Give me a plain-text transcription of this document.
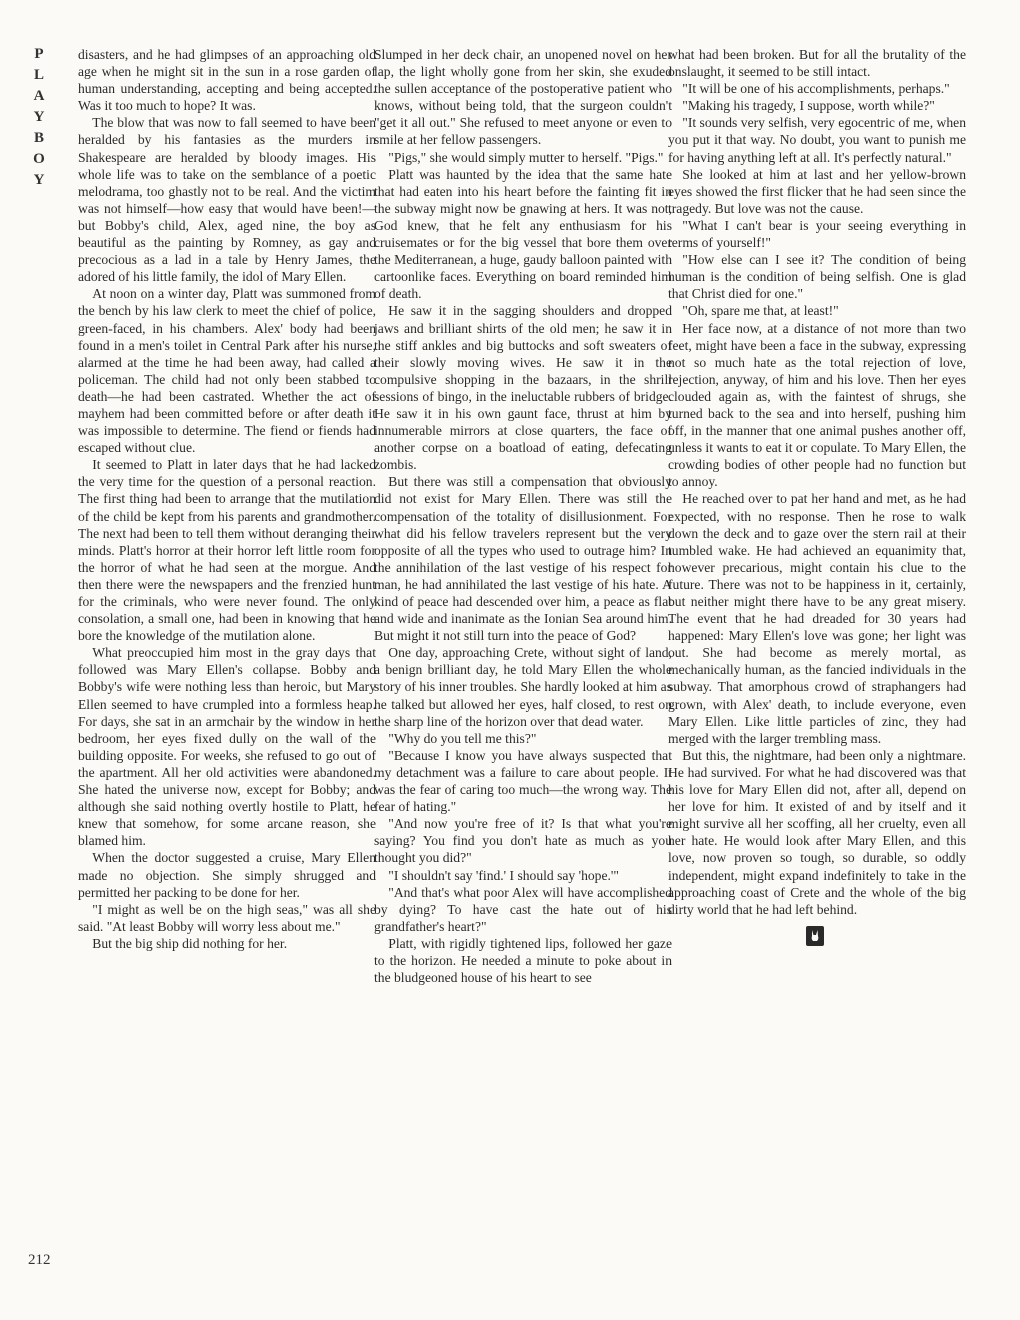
P
L
A
Y
B
O
Y

disasters, and he had glimpses of an approaching old age when he might sit in the sun in a rose garden of human understanding, accepting and being accepted. Was it too much to hope? It was.

The blow that was now to fall seemed to have been heralded by his fantasies as the murders in Shakespeare are heralded by bloody images. His whole life was to take on the semblance of a poetic melodrama, too ghastly not to be real. And the victim was not himself—how easy that would have been!—but Bobby's child, Alex, aged nine, the boy as beautiful as the painting by Romney, as gay and precocious as a lad in a tale by Henry James, the adored of his little family, the idol of Mary Ellen.

At noon on a winter day, Platt was summoned from the bench by his law clerk to meet the chief of police, green-faced, in his chambers. Alex' body had been found in a men's toilet in Central Park after his nurse, alarmed at the time he had been away, had called a policeman. The child had not only been stabbed to death—he had been castrated. Whether the act of mayhem had been committed before or after death it was impossible to determine. The fiend or fiends had escaped without clue.

It seemed to Platt in later days that he had lacked the very time for the question of a personal reaction. The first thing had been to arrange that the mutilation of the child be kept from his parents and grandmother. The next had been to tell them without deranging their minds. Platt's horror at their horror left little room for the horror of what he had seen at the morgue. And then there were the newspapers and the frenzied hunt for the criminals, who were never found. The only consolation, a small one, had been in knowing that he bore the knowledge of the mutilation alone.

What preoccupied him most in the gray days that followed was Mary Ellen's collapse. Bobby and Bobby's wife were nothing less than heroic, but Mary Ellen seemed to have crumpled into a formless heap. For days, she sat in an armchair by the window in her bedroom, her eyes fixed dully on the wall of the building opposite. For weeks, she refused to go out of the apartment. All her old activities were abandoned. She hated the universe now, except for Bobby; and although she said nothing overtly hostile to Platt, he knew that somehow, for some arcane reason, she blamed him.

When the doctor suggested a cruise, Mary Ellen made no objection. She simply shrugged and permitted her packing to be done for her.

"I might as well be on the high seas," was all she said. "At least Bobby will worry less about me."

But the big ship did nothing for her.

Slumped in her deck chair, an unopened novel on her lap, the light wholly gone from her skin, she exuded the sullen acceptance of the postoperative patient who knows, without being told, that the surgeon couldn't "get it all out." She refused to meet anyone or even to smile at her fellow passengers.

"Pigs," she would simply mutter to herself. "Pigs."

Platt was haunted by the idea that the same hate that had eaten into his heart before the fainting fit in the subway might now be gnawing at hers. It was not, God knew, that he felt any enthusiasm for his cruisemates or for the big vessel that bore them over the Mediterranean, a huge, gaudy balloon painted with cartoonlike faces. Everything on board reminded him of death.

He saw it in the sagging shoulders and dropped jaws and brilliant shirts of the old men; he saw it in the stiff ankles and big buttocks and soft sweaters of their slowly moving wives. He saw it in the compulsive shopping in the bazaars, in the shrill sessions of bingo, in the ineluctable rubbers of bridge. He saw it in his own gaunt face, thrust at him by innumerable mirrors at close quarters, the face of another corpse on a boatload of eating, defecating zombis.

But there was still a compensation that obviously did not exist for Mary Ellen. There was still the compensation of the totality of disillusionment. For what did his fellow travelers represent but the very opposite of all the types who used to outrage him? In the annihilation of the last vestige of his respect for man, he had annihilated the last vestige of his hate. A kind of peace had descended over him, a peace as flat and wide and inanimate as the Ionian Sea around him. But might it not still turn into the peace of God?

One day, approaching Crete, without sight of land, a benign brilliant day, he told Mary Ellen the whole story of his inner troubles. She hardly looked at him as he talked but allowed her eyes, half closed, to rest on the sharp line of the horizon over that dead water.

"Why do you tell me this?"

"Because I know you have always suspected that my detachment was a failure to care about people. It was the fear of caring too much—the wrong way. The fear of hating."

"And now you're free of it? Is that what you're saying? You find you don't hate as much as you thought you did?"

"I shouldn't say 'find.' I should say 'hope.'"

"And that's what poor Alex will have accomplished by dying? To have cast the hate out of his grandfather's heart?"

Platt, with rigidly tightened lips, followed her gaze to the horizon. He needed a minute to poke about in the bludgeoned house of his heart to see

what had been broken. But for all the brutality of the onslaught, it seemed to be still intact.

"It will be one of his accomplishments, perhaps."

"Making his tragedy, I suppose, worth while?"

"It sounds very selfish, very egocentric of me, when you put it that way. No doubt, you want to punish me for having anything left at all. It's perfectly natural."

She looked at him at last and her yellow-brown eyes showed the first flicker that he had seen since the tragedy. But love was not the cause.

"What I can't bear is your seeing everything in terms of yourself!"

"How else can I see it? The condition of being human is the condition of being selfish. One is glad that Christ died for one."

"Oh, spare me that, at least!"

Her face now, at a distance of not more than two feet, might have been a face in the subway, expressing not so much hate as the total rejection of love, rejection, anyway, of him and his love. Then her eyes clouded again as, with the faintest of shrugs, she turned back to the sea and into herself, pushing him off, in the manner that one animal pushes another off, unless it wants to eat it or copulate. To Mary Ellen, the crowding bodies of other people had no function but to annoy.

He reached over to pat her hand and met, as he had expected, with no response. Then he rose to walk down the deck and to gaze over the stern rail at their tumbled wake. He had achieved an equanimity that, however precarious, might contain his clue to the future. There was not to be happiness in it, certainly, but neither might there have to be any great misery. The event that he had dreaded for 30 years had happened: Mary Ellen's love was gone; her light was out. She had become as merely mortal, as mechanically human, as the fancied individuals in the subway. That amorphous crowd of straphangers had grown, with Alex' death, to include everyone, even Mary Ellen. Like little particles of zinc, they had merged with the larger trembling mass.

But this, the nightmare, had been only a nightmare. He had survived. For what he had discovered was that his love for Mary Ellen did not, after all, depend on her love for him. It existed of and by itself and it might survive all her scoffing, all her cruelty, even all her hate. He would look after Mary Ellen, and this love, now proven so tough, so durable, so oddly independent, might expand indefinitely to take in the approaching coast of Crete and the whole of the big dirty world that he had left behind.

212
